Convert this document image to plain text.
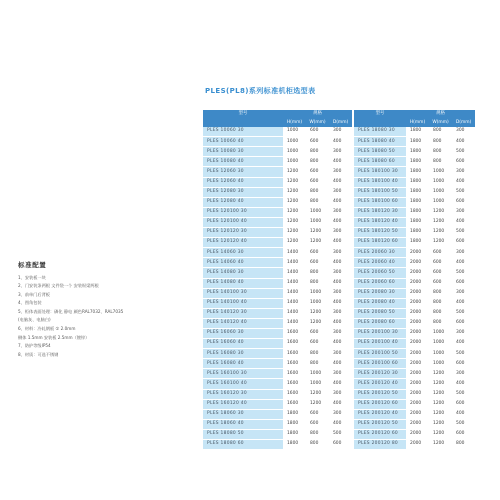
PLES(PL8)系列标准机柜选型表
型号	规格				型号	规格		
	H(mm)	W(mm)	D(mm)			H(mm)	W(mm)	D(mm)
PLES 10060 30	1000	600	300		PLES 18080 30	1800	800	300
PLES 10060 40	1000	600	400		PLES 18080 40	1800	800	400
PLES 10080 30	1000	800	300		PLES 18080 50	1800	800	500
PLES 10080 40	1000	800	400		PLES 18080 60	1800	800	600
PLES 12060 30	1200	600	300		PLES 180100 30	1800	1000	300
PLES 12060 40	1200	600	400		PLES 180100 40	1800	1000	400
PLES 12080 30	1200	800	300		PLES 180100 50	1800	1000	500
PLES 12080 40	1200	800	400		PLES 180100 60	1800	1000	600
PLES 120100 30	1200	1000	300		PLES 180120 30	1800	1200	300
PLES 120100 40	1200	1000	400		PLES 180120 40	1800	1200	400
PLES 120120 30	1200	1200	300		PLES 180120 50	1800	1200	500
PLES 120120 40	1200	1200	400		PLES 180120 60	1800	1200	600
PLES 14060 30	1400	600	300		PLES 20060 30	2000	600	300
PLES 14060 40	1400	600	400		PLES 20060 40	2000	600	400
PLES 14080 30	1400	800	300		PLES 20060 50	2000	600	500
PLES 14080 40	1400	800	400		PLES 20060 60	2000	600	600
PLES 140100 30	1400	1000	300		PLES 20080 30	2000	800	300
PLES 140100 40	1400	1000	400		PLES 20080 40	2000	800	400
PLES 140120 30	1400	1200	300		PLES 20080 50	2000	800	500
PLES 140120 40	1400	1200	400		PLES 20080 60	2000	800	600
PLES 16060 30	1600	600	300		PLES 200100 30	2000	1000	300
PLES 16060 40	1600	600	400		PLES 200100 40	2000	1000	400
PLES 16080 30	1600	800	300		PLES 200100 50	2000	1000	500
PLES 16080 40	1600	800	400		PLES 200100 60	2000	1000	600
PLES 160100 30	1600	1000	300		PLES 200120 30	2000	1200	300
PLES 160100 40	1600	1000	400		PLES 200120 40	2000	1200	400
PLES 160120 30	1600	1200	300		PLES 200120 50	2000	1200	500
PLES 160120 40	1600	1200	400		PLES 200120 60	2000	1200	600
PLES 18060 30	1800	600	300		PLES 200120 40	2000	1200	400
PLES 18060 40	1800	600	400		PLES 200120 50	2000	1200	500
PLES 18080 50	1800	800	500		PLES 200120 60	2000	1200	600
PLES 18080 60	1800	800	600		PLES 200120 80	2000	1200	800
标准配置
1、安装板一块
2、门安装条两根 文件袋一个 安装纵梁两根
3、前单门后背板
4、图角包装
5、柜体表面处理：磷化 静电 颜色RAL7032、RAL7035
(电脑灰、电脑白)
6、材料：冷轧钢板 ① 2.0mm
侧体 1.5mm 安装板 2.5mm（镀锌）
7、防护等级IP54
8、材质：可选不锈钢
